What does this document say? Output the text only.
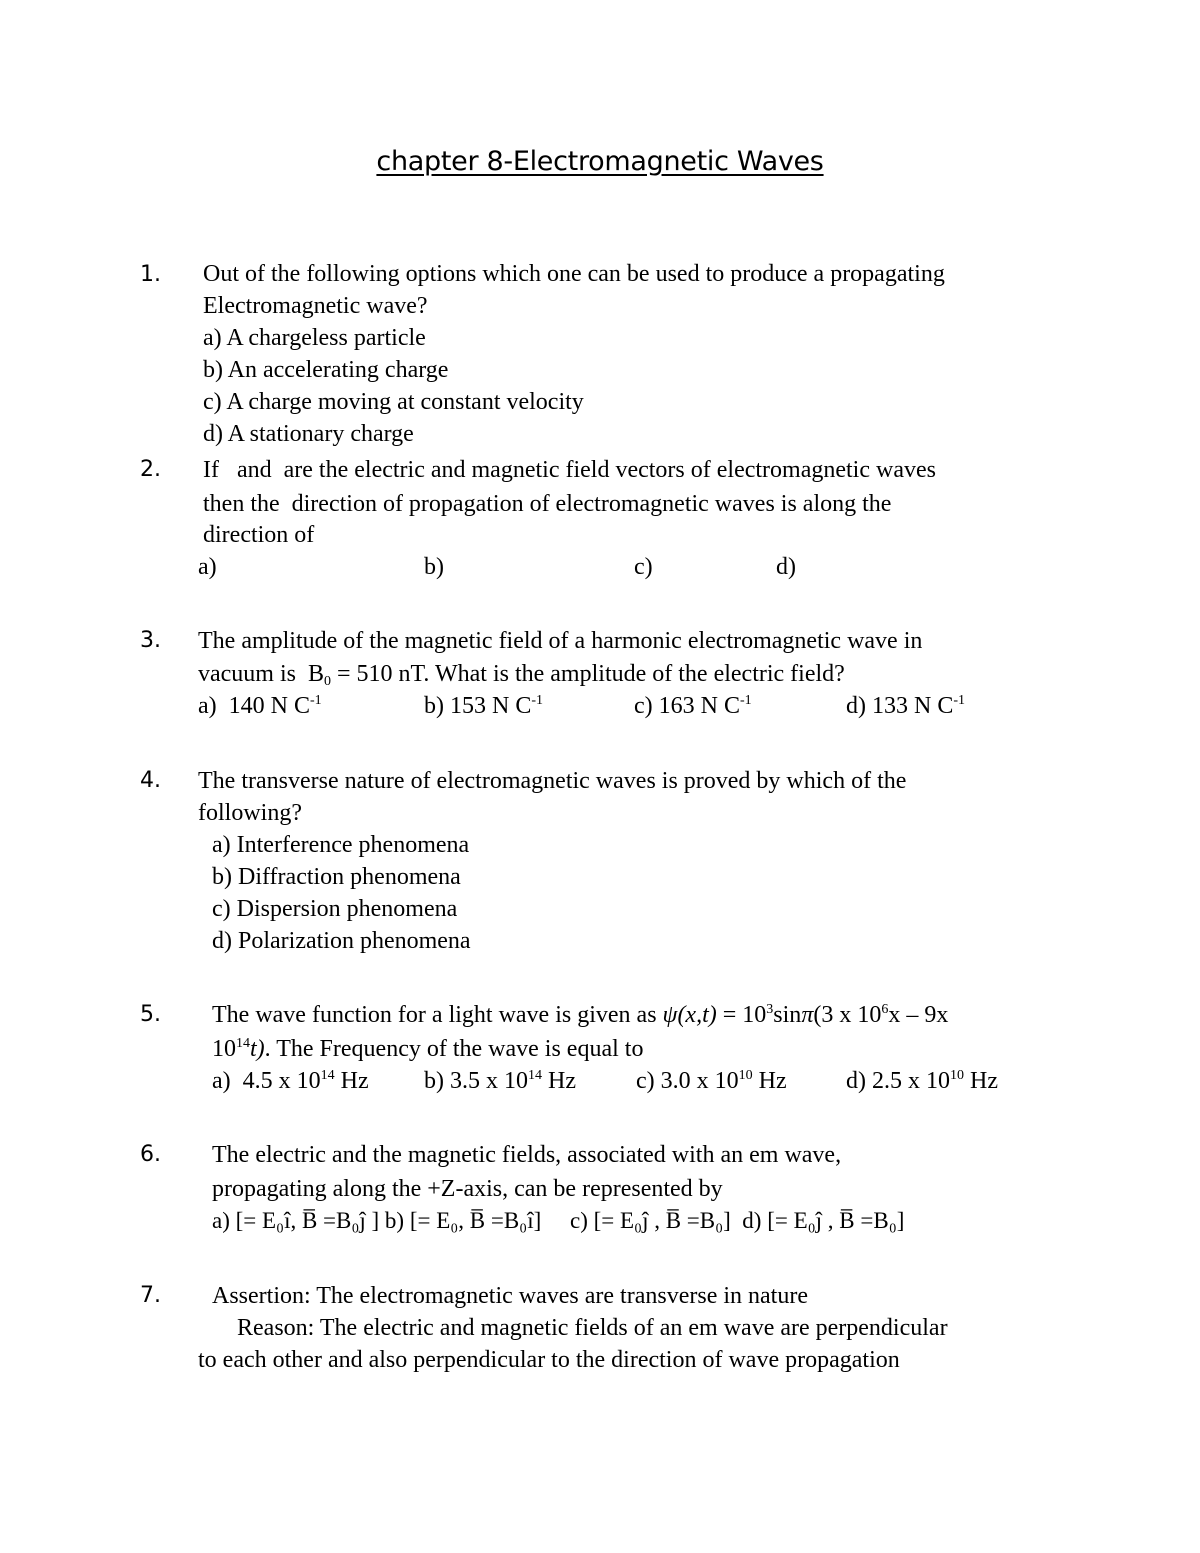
chapter 8-Electromagnetic Waves
1. Out of the following options which one can be used to produce a propagating
Electromagnetic wave?
a) A chargeless particle
b) An accelerating charge
c) A charge moving at constant velocity
d) A stationary charge
2. If   and  are the electric and magnetic field vectors of electromagnetic waves
then the  direction of propagation of electromagnetic waves is along the
direction of
a)	b)	c)	d)
3. The amplitude of the magnetic field of a harmonic electromagnetic wave in
vacuum is  $B_0 = 510$ nT. What is the amplitude of the electric field?
a)  140 N $C^{-1}$	b) 153 N $C^{-1}$	c) 163 N $C^{-1}$	d) 133 N $C^{-1}$
4. The transverse nature of electromagnetic waves is proved by which of the
following?
a) Interference phenomena
b) Diffraction phenomena
c) Dispersion phenomena
d) Polarization phenomena
5. The wave function for a light wave is given as $\psi(x,t) = 10^3\sin\pi(3$ x $10^6x - 9x$
$10^{14}t$). The Frequency of the wave is equal to
a)  4.5 x $10^{14}$ Hz b) 3.5 x $10^{14}$ Hz	c) 3.0 x $10^{10}$ Hz d) 2.5 x $10^{10}$ Hz
6. The electric and the magnetic fields, associated with an em wave,
propagating along the +Z-axis, can be represented by
a) [= E₀î, B̅ =B₀ĵ ] b) [= E₀, B̅ =B₀î]     c) [= E₀ĵ , B̅ =B₀]  d) [= E₀ĵ , B̅ =B₀]
7. Assertion: The electromagnetic waves are transverse in nature
Reason: The electric and magnetic fields of an em wave are perpendicular
to each other and also perpendicular to the direction of wave propagation
